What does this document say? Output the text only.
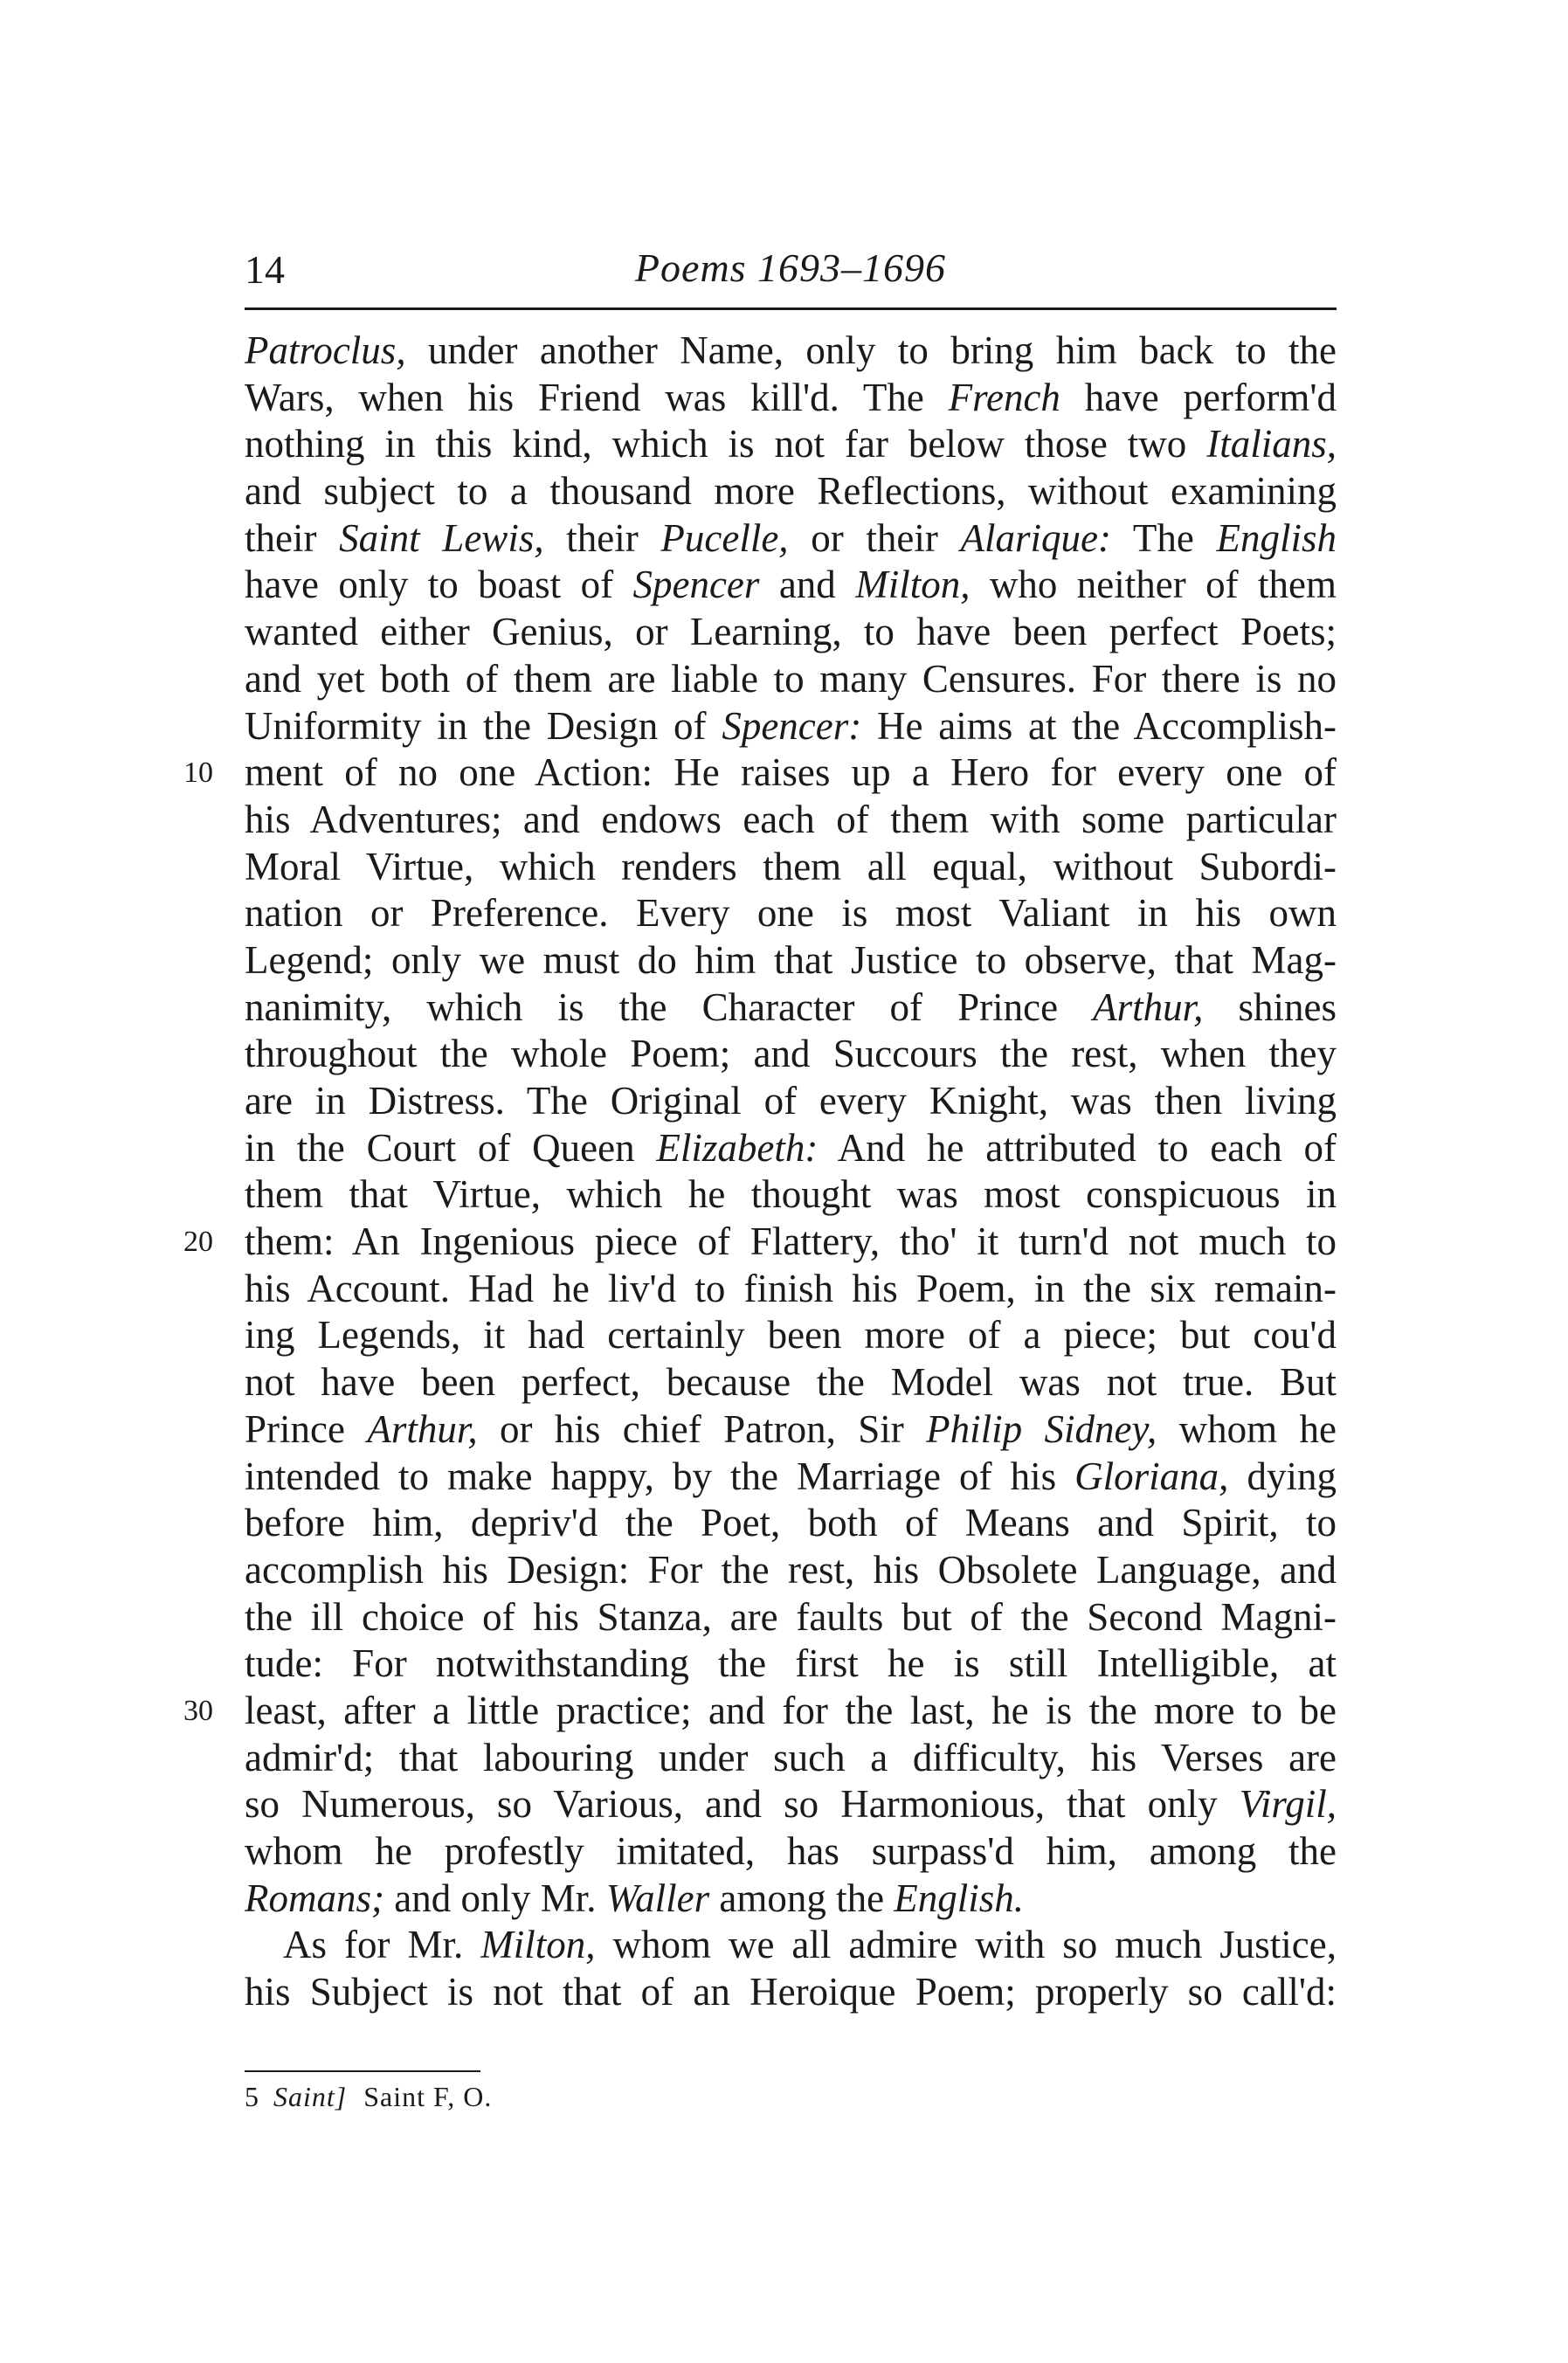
14	Poems 1693–1696
Patroclus, under another Name, only to bring him back to the
Wars, when his Friend was kill'd. The French have perform'd
nothing in this kind, which is not far below those two Italians,
and subject to a thousand more Reflections, without examining
their Saint Lewis, their Pucelle, or their Alarique: The English
have only to boast of Spencer and Milton, who neither of them
wanted either Genius, or Learning, to have been perfect Poets;
and yet both of them are liable to many Censures. For there is no
Uniformity in the Design of Spencer: He aims at the Accomplish-
10 ment of no one Action: He raises up a Hero for every one of
his Adventures; and endows each of them with some particular
Moral Virtue, which renders them all equal, without Subordi-
nation or Preference. Every one is most Valiant in his own
Legend; only we must do him that Justice to observe, that Mag-
nanimity, which is the Character of Prince Arthur, shines
throughout the whole Poem; and Succours the rest, when they
are in Distress. The Original of every Knight, was then living
in the Court of Queen Elizabeth: And he attributed to each of
them that Virtue, which he thought was most conspicuous in
20 them: An Ingenious piece of Flattery, tho' it turn'd not much to
his Account. Had he liv'd to finish his Poem, in the six remain-
ing Legends, it had certainly been more of a piece; but cou'd
not have been perfect, because the Model was not true. But
Prince Arthur, or his chief Patron, Sir Philip Sidney, whom he
intended to make happy, by the Marriage of his Gloriana, dying
before him, depriv'd the Poet, both of Means and Spirit, to
accomplish his Design: For the rest, his Obsolete Language, and
the ill choice of his Stanza, are faults but of the Second Magni-
tude: For notwithstanding the first he is still Intelligible, at
30 least, after a little practice; and for the last, he is the more to be
admir'd; that labouring under such a difficulty, his Verses are
so Numerous, so Various, and so Harmonious, that only Virgil,
whom he profestly imitated, has surpass'd him, among the
Romans; and only Mr. Waller among the English.
As for Mr. Milton, whom we all admire with so much Justice,
his Subject is not that of an Heroique Poem; properly so call'd:
5 Saint] Saint F, O.
